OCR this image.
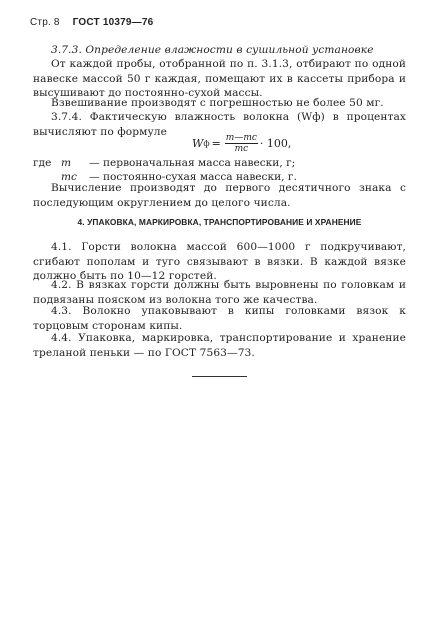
Стр. 8 ГОСТ 10379—76
3.7.3. Определение влажности в сушильной установке
От каждой пробы, отобранной по п. 3.1.3, отбирают по одной навеске массой 50 г каждая, помещают их в кассеты прибора и высушивают до постоянно-сухой массы.
Взвешивание производят с погрешностью не более 50 мг.
3.7.4. Фактическую влажность волокна (Wф) в процентах вычисляют по формуле
W $ф = \frac{m—mс}{mс} \cdot 100$,
где m — первоначальная масса навески, г;
mс — постоянно-сухая масса навески, г.
Вычисление производят до первого десятичного знака с последующим округлением до целого числа.
4. УПАКОВКА, МАРКИРОВКА, ТРАНСПОРТИРОВАНИЕ И ХРАНЕНИЕ
4.1. Горсти волокна массой 600—1000 г подкручивают, сгибают пополам и туго связывают в вязки. В каждой вязке должно быть по 10—12 горстей.
4.2. В вязках горсти должны быть выровнены по головкам и подвязаны пояском из волокна того же качества.
4.3. Волокно упаковывают в кипы головками вязок к торцовым сторонам кипы.
4.4. Упаковка, маркировка, транспортирование и хранение треланой пеньки — по ГОСТ 7563—73.
